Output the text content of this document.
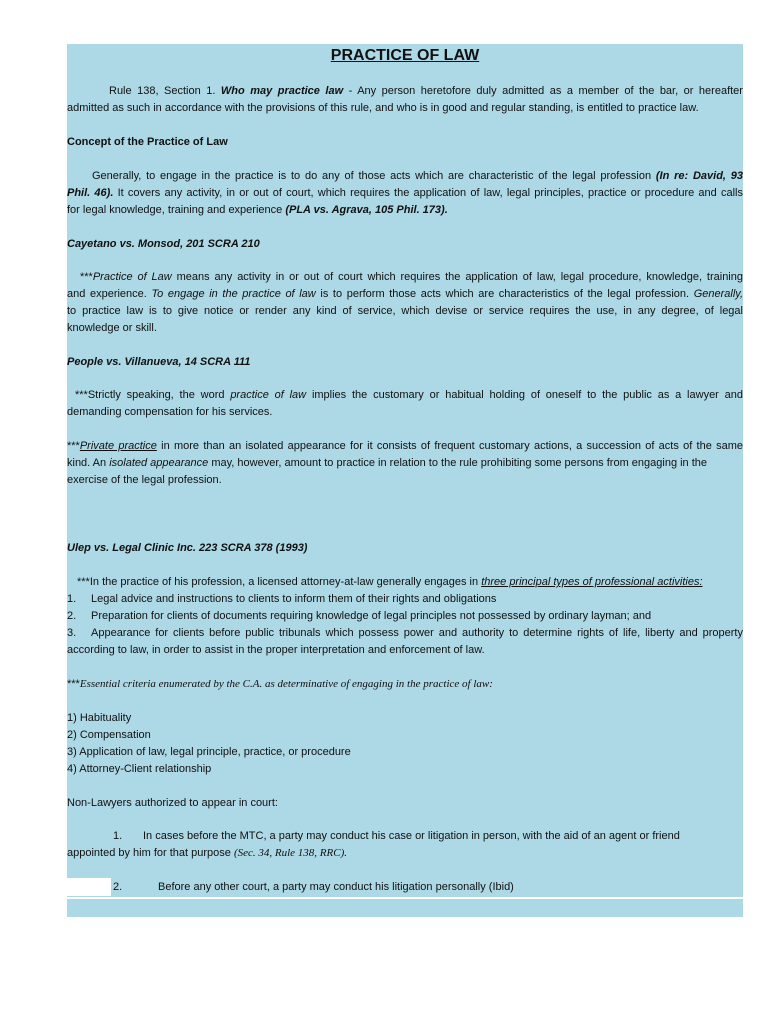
PRACTICE OF LAW
Rule 138, Section 1. Who may practice law - Any person heretofore duly admitted as a member of the bar, or hereafter
admitted as such in accordance with the provisions of this rule, and who is in good and regular standing, is entitled to practice law.
Concept of the Practice of Law
Generally, to engage in the practice is to do any of those acts which are characteristic of the legal profession (In re: David, 93
Phil. 46). It covers any activity, in or out of court, which requires the application of law, legal principles, practice or procedure and calls
for legal knowledge, training and experience (PLA vs. Agrava, 105 Phil. 173).
Cayetano vs. Monsod, 201 SCRA 210
***Practice of Law means any activity in or out of court which requires the application of law, legal procedure, knowledge, training
and experience. To engage in the practice of law is to perform those acts which are characteristics of the legal profession. Generally,
to practice law is to give notice or render any kind of service, which devise or service requires the use, in any degree, of legal
knowledge or skill.
People vs. Villanueva, 14 SCRA 111
***Strictly speaking, the word practice of law implies the customary or habitual holding of oneself to the public as a lawyer and
demanding compensation for his services.
***Private practice in more than an isolated appearance for it consists of frequent customary actions, a succession of acts of the same
kind. An isolated appearance may, however, amount to practice in relation to the rule prohibiting some persons from engaging in the
exercise of the legal profession.
Ulep vs. Legal Clinic Inc. 223 SCRA 378 (1993)
***In the practice of his profession, a licensed attorney-at-law generally engages in three principal types of professional activities:
1. Legal advice and instructions to clients to inform them of their rights and obligations
2. Preparation for clients of documents requiring knowledge of legal principles not possessed by ordinary layman; and
3. Appearance for clients before public tribunals which possess power and authority to determine rights of life, liberty and property
according to law, in order to assist in the proper interpretation and enforcement of law.
***Essential criteria enumerated by the C.A. as determinative of engaging in the practice of law:
1) Habituality
2) Compensation
3) Application of law, legal principle, practice, or procedure
4) Attorney-Client relationship
Non-Lawyers authorized to appear in court:
1. In cases before the MTC, a party may conduct his case or litigation in person, with the aid of an agent or friend
appointed by him for that purpose (Sec. 34, Rule 138, RRC).
2.	Before any other court, a party may conduct his litigation personally (Ibid)
